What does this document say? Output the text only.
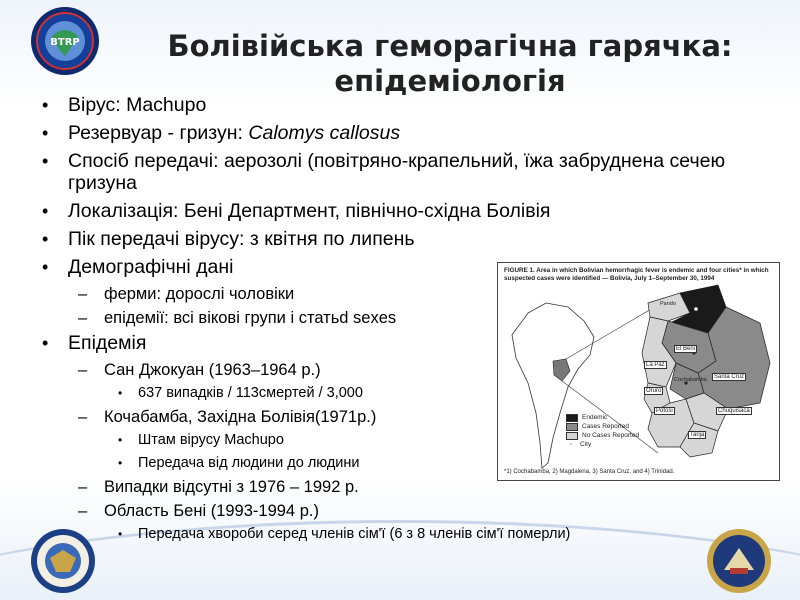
BTRP	Болівійська геморагічна гарячка:
епідеміологія
• Вірус: Machupo
• Резервуар - гризун: Calomys callosus
• Спосіб передачі: аерозолі (повітряно-крапельний, їжа забруднена сечею гризуна
• Локалізація: Бені Департмент, північно-східна Болівія
• Пік передачі вірусу: з квітня по липень
• Демографічні дані
– ферми: дорослі чоловіки
– епідемії: всі вікові групи і статьd sexes
• Епідемія
– Сан Джокуан (1963–1964 р.)
• 637 випадків / 113смертей / 3,000
– Кочабамба, Західна Болівія(1971р.)
• Штам вірусу Machupo
• Передача від людини до людини
– Випадки відсутні з 1976 – 1992 р.
– Область Бені (1993-1994 р.)
• Передача хвороби серед членів сім'ї (6 з 8 членів сім'ї померли)
FIGURE 1. Area in which Bolivian hemorrhagic fever is endemic and four cities* in which suspected cases were identified — Bolivia, July 1–September 30, 1994
Pando
El Beni
La Paz
Oruro
Cochabamba	Santa Cruz
Potosi
Tarija
Chuquisaca
Endemic
Cases Reported
No Cases Reported
◦	City
*1) Cochabamba, 2) Magdalena, 3) Santa Cruz, and 4) Trinidad.
